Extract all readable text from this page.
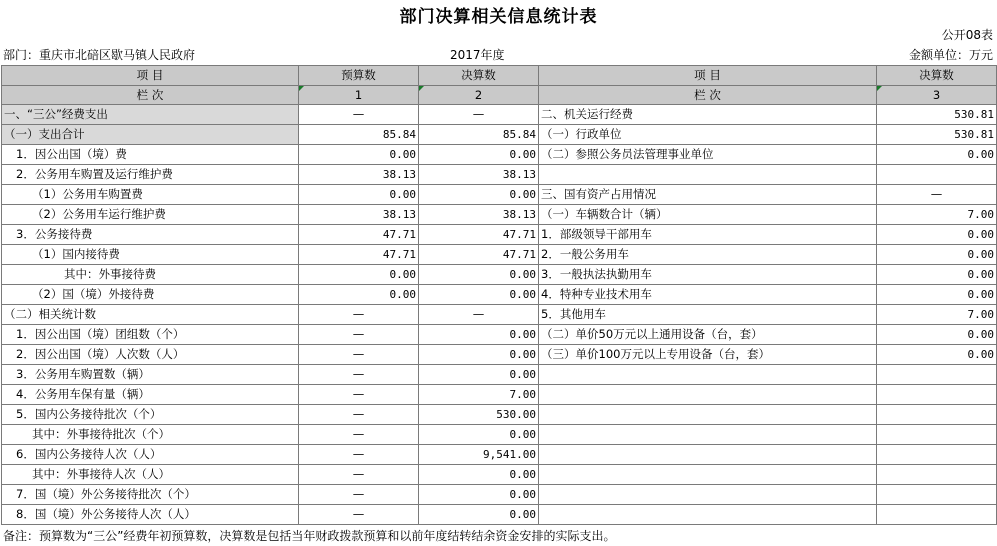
部门决算相关信息统计表
公开08表
部门：重庆市北碚区歇马镇人民政府	2017年度	金额单位：万元
项 目	预算数	决算数	项 目	决算数
栏 次	1	2	栏 次	3
一、“三公”经费支出	—	—	二、机关运行经费	530.81
（一）支出合计	85.84	85.84	（一）行政单位	530.81
1．因公出国（境）费	0.00	0.00	（二）参照公务员法管理事业单位	0.00
2．公务用车购置及运行维护费	38.13	38.13		
（1）公务用车购置费	0.00	0.00	三、国有资产占用情况	—
（2）公务用车运行维护费	38.13	38.13	（一）车辆数合计（辆）	7.00
3．公务接待费	47.71	47.71	1．部级领导干部用车	0.00
（1）国内接待费	47.71	47.71	2．一般公务用车	0.00
其中：外事接待费	0.00	0.00	3．一般执法执勤用车	0.00
（2）国（境）外接待费	0.00	0.00	4．特种专业技术用车	0.00
（二）相关统计数	—	—	5．其他用车	7.00
1．因公出国（境）团组数（个）	—	0.00	（二）单价50万元以上通用设备（台，套）	0.00
2．因公出国（境）人次数（人）	—	0.00	（三）单价100万元以上专用设备（台，套）	0.00
3．公务用车购置数（辆）	—	0.00		
4．公务用车保有量（辆）	—	7.00		
5．国内公务接待批次（个）	—	530.00		
其中：外事接待批次（个）	—	0.00		
6．国内公务接待人次（人）	—	9,541.00		
其中：外事接待人次（人）	—	0.00		
7．国（境）外公务接待批次（个）	—	0.00		
8．国（境）外公务接待人次（人）	—	0.00		
备注：预算数为“三公”经费年初预算数，决算数是包括当年财政拨款预算和以前年度结转结余资金安排的实际支出。
